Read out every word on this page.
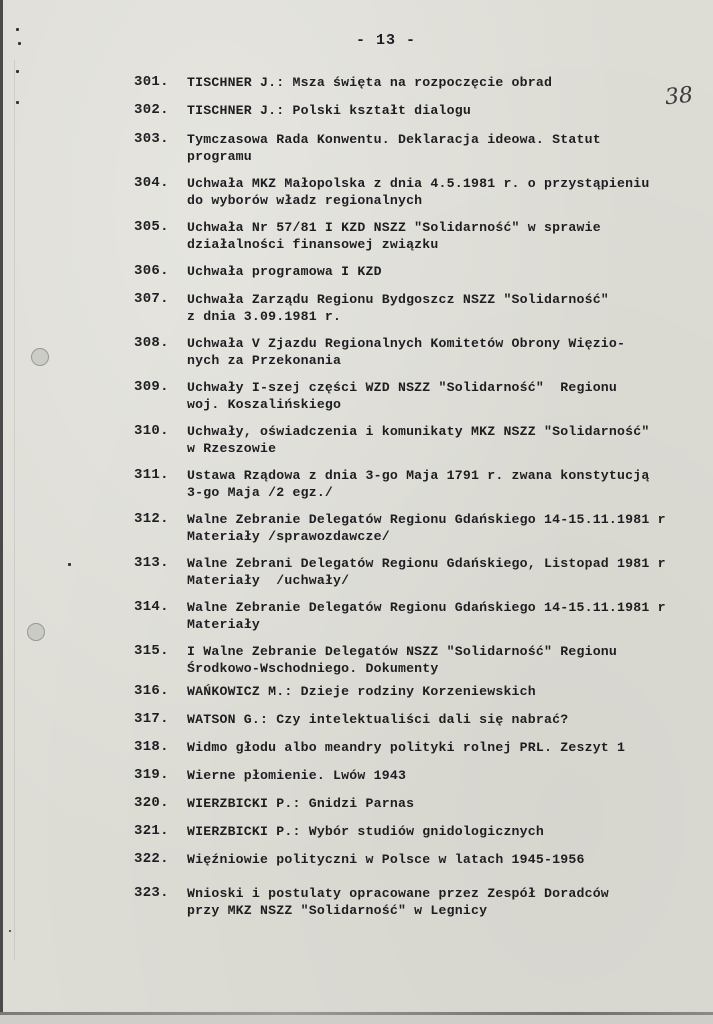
- 13 -
38
301. TISCHNER J.: Msza święta na rozpoczęcie obrad
302. TISCHNER J.: Polski kształt dialogu
303. Tymczasowa Rada Konwentu. Deklaracja ideowa. Statut
programu
304. Uchwała MKZ Małopolska z dnia 4.5.1981 r. o przystąpieniu
do wyborów władz regionalnych
305. Uchwała Nr 57/81 I KZD NSZZ "Solidarność" w sprawie
działalności finansowej związku
306. Uchwała programowa I KZD
307. Uchwała Zarządu Regionu Bydgoszcz NSZZ "Solidarność"
z dnia 3.09.1981 r.
308. Uchwała V Zjazdu Regionalnych Komitetów Obrony Więzio-
nych za Przekonania
309. Uchwały I-szej części WZD NSZZ "Solidarność"  Regionu
woj. Koszalińskiego
310. Uchwały, oświadczenia i komunikaty MKZ NSZZ "Solidarność"
w Rzeszowie
311. Ustawa Rządowa z dnia 3-go Maja 1791 r. zwana konstytucją
3-go Maja /2 egz./
312. Walne Zebranie Delegatów Regionu Gdańskiego 14-15.11.1981 r
Materiały /sprawozdawcze/
313. Walne Zebrani Delegatów Regionu Gdańskiego, Listopad 1981 r
Materiały  /uchwały/
314. Walne Zebranie Delegatów Regionu Gdańskiego 14-15.11.1981 r
Materiały
315. I Walne Zebranie Delegatów NSZZ "Solidarność" Regionu
Środkowo-Wschodniego. Dokumenty
316. WAŃKOWICZ M.: Dzieje rodziny Korzeniewskich
317. WATSON G.: Czy intelektualiści dali się nabrać?
318. Widmo głodu albo meandry polityki rolnej PRL. Zeszyt 1
319. Wierne płomienie. Lwów 1943
320. WIERZBICKI P.: Gnidzi Parnas
321. WIERZBICKI P.: Wybór studiów gnidologicznych
322. Więźniowie polityczni w Polsce w latach 1945-1956
323. Wnioski i postulaty opracowane przez Zespół Doradców
przy MKZ NSZZ "Solidarność" w Legnicy
